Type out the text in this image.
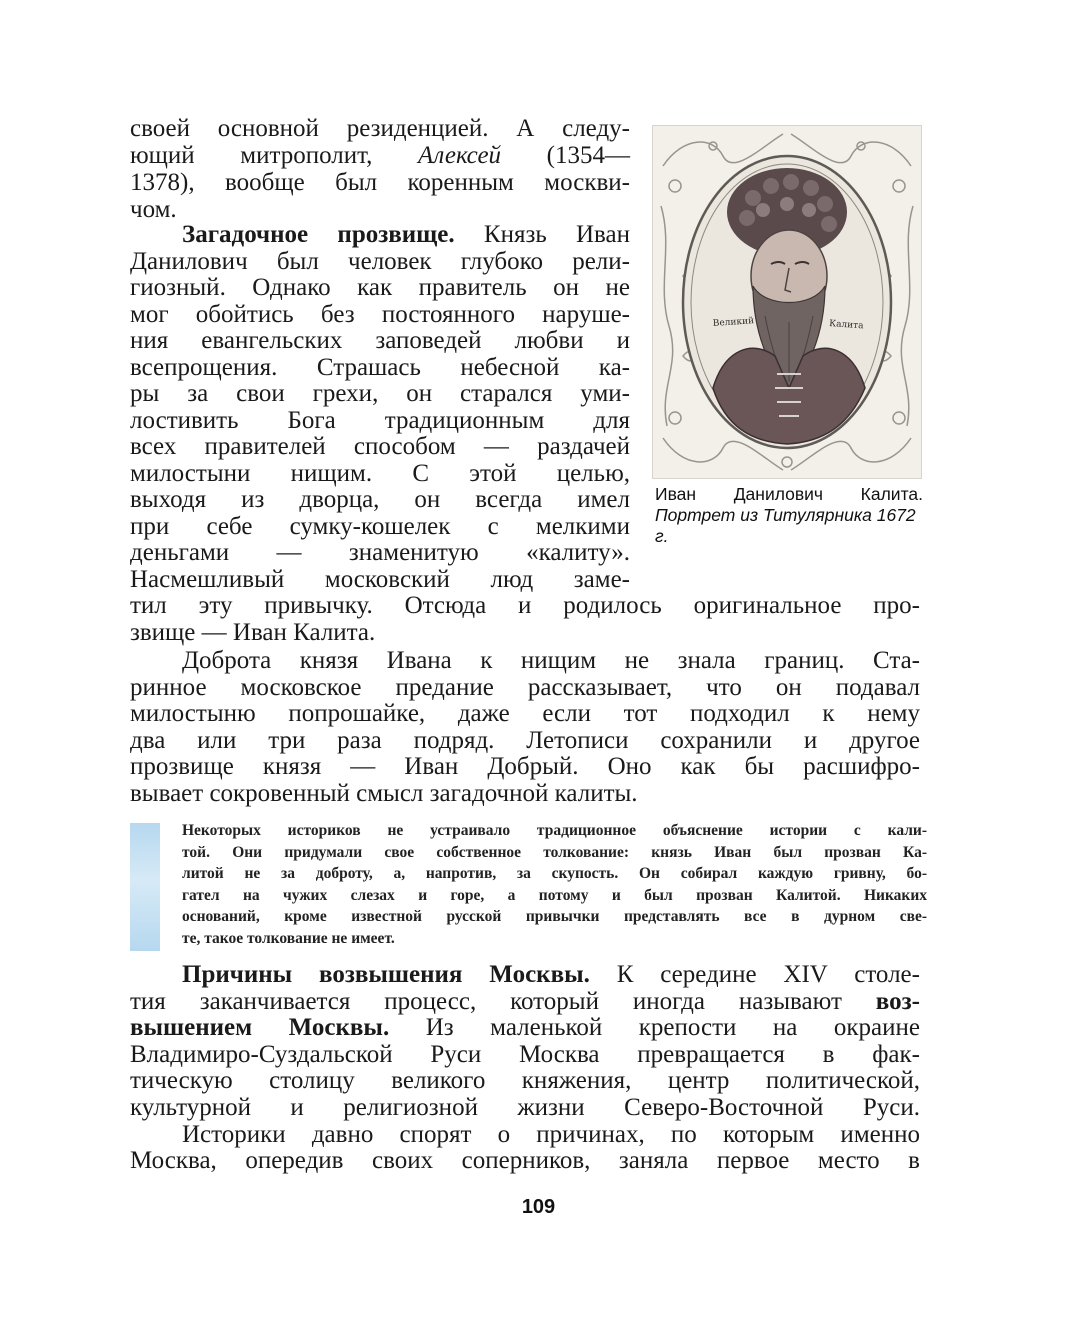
своей основной резиденцией. А следу-
ющий митрополит, Алексей (1354—
1378), вообще был коренным москви-
чом.
Загадочное прозвище. Князь Иван
Данилович был человек глубоко рели-
гиозный. Однако как правитель он не
мог обойтись без постоянного наруше-
ния евангельских заповедей любви и
всепрощения. Страшась небесной ка-
ры за свои грехи, он старался уми-
лостивить Бога традиционным для
всех правителей способом — раздачей
милостыни нищим. С этой целью,
выходя из дворца, он всегда имел
при себе сумку-кошелек с мелкими
деньгами — знаменитую «калиту».
Насмешливый московский люд заме-
тил эту привычку. Отсюда и родилось оригинальное про-
звище — Иван Калита.
Великий	Калита
Иван Данилович Калита.
Портрет из Титулярника 1672 г.
Доброта князя Ивана к нищим не знала границ. Ста-
ринное московское предание рассказывает, что он подавал
милостыню попрошайке, даже если тот подходил к нему
два или три раза подряд. Летописи сохранили и другое
прозвище князя — Иван Добрый. Оно как бы расшифро-
вывает сокровенный смысл загадочной калиты.
Некоторых историков не устраивало традиционное объяснение истории с кали-
той. Они придумали свое собственное толкование: князь Иван был прозван Ка-
литой не за доброту, а, напротив, за скупость. Он собирал каждую гривну, бо-
гател на чужих слезах и горе, а потому и был прозван Калитой. Никаких
оснований, кроме известной русской привычки представлять все в дурном све-
те, такое толкование не имеет.
Причины возвышения Москвы. К середине XIV столе-
тия заканчивается процесс, который иногда называют воз-
вышением Москвы. Из маленькой крепости на окраине
Владимиро-Суздальской Руси Москва превращается в фак-
тическую столицу великого княжения, центр политической,
культурной и религиозной жизни Северо-Восточной Руси.
Историки давно спорят о причинах, по которым именно
Москва, опередив своих соперников, заняла первое место в
109
